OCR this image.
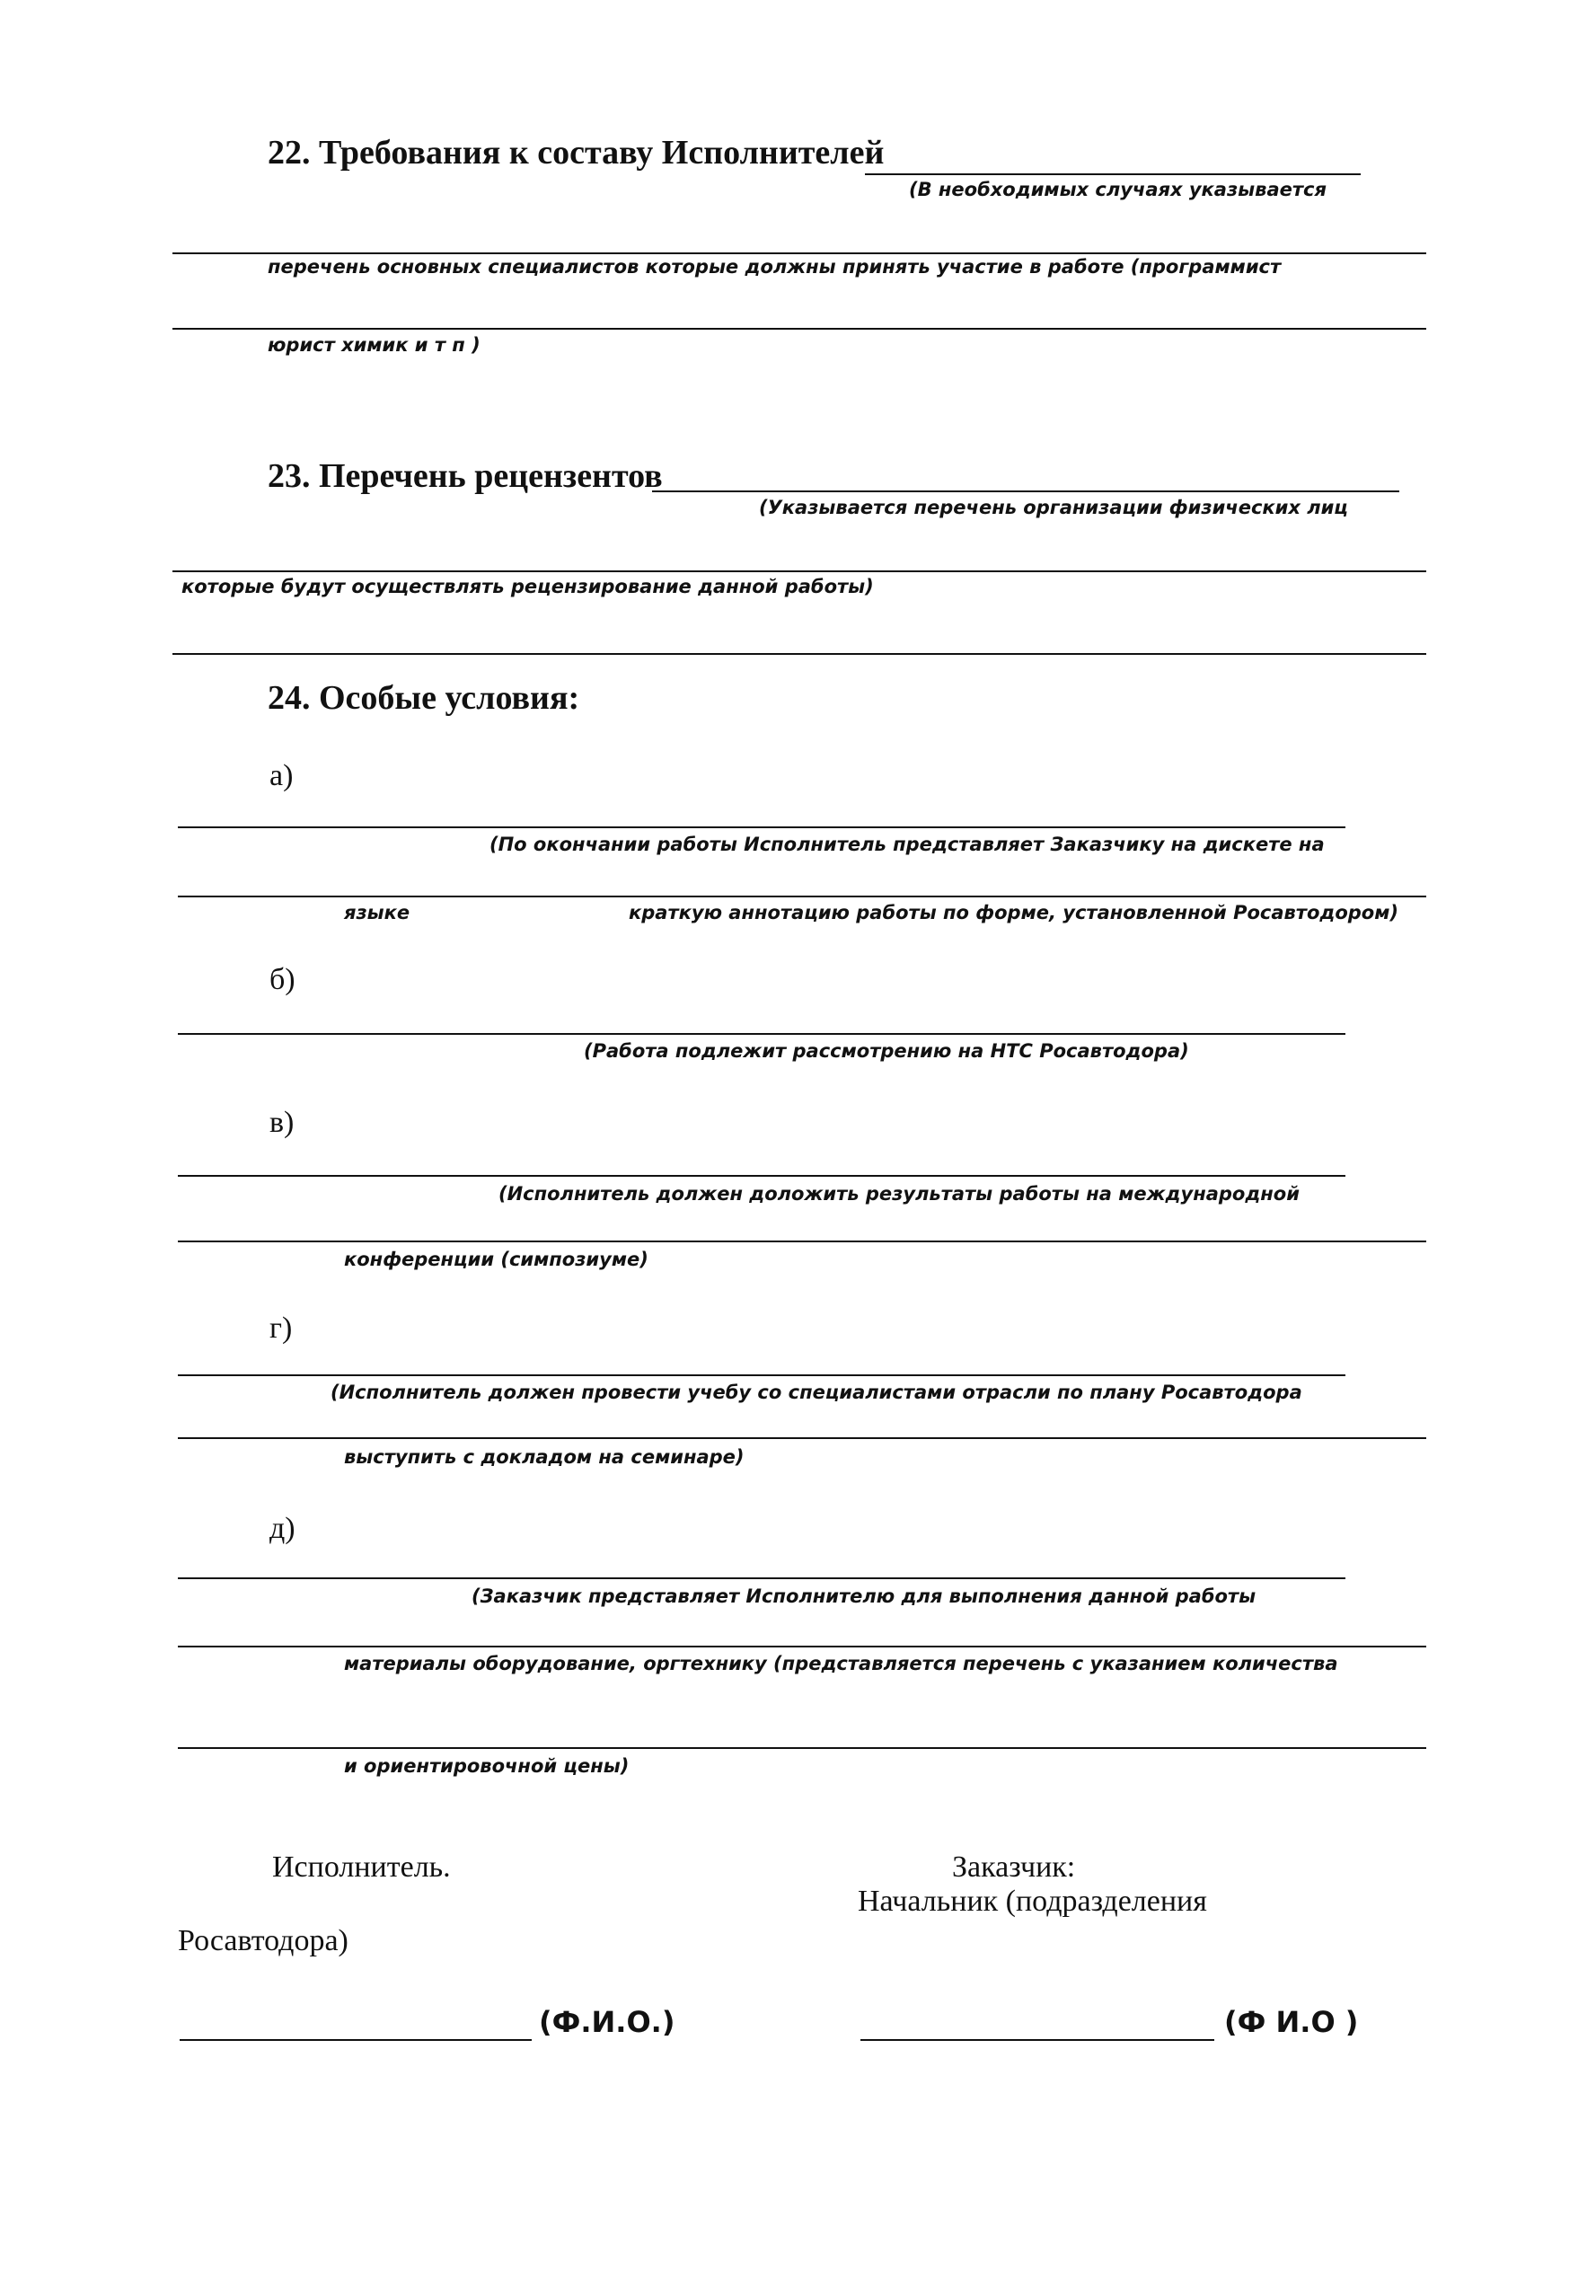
22. Требования к составу Исполнителей
(В необходимых случаях указывается
перечень основных специалистов которые должны принять участие в работе (программист
юрист химик и т п )
23. Перечень рецензентов
(Указывается перечень организации физических лиц
которые будут осуществлять рецензирование данной работы)
24. Особые условия:
а)
(По окончании работы Исполнитель представляет Заказчику на дискете на
языке	краткую аннотацию работы по форме, установленной Росавтодором)
б)
(Работа подлежит рассмотрению на НТС Росавтодора)
в)
(Исполнитель должен доложить результаты работы на международной
конференции (симпозиуме)
г)
(Исполнитель должен провести учебу со специалистами отрасли по плану Росавтодора
выступить с докладом на семинаре)
д)
(Заказчик представляет Исполнителю для выполнения данной работы
материалы оборудование, оргтехнику (представляется перечень с указанием количества
и ориентировочной цены)
Исполнитель.	Заказчик:
Начальник (подразделения
Росавтодора)
(Ф.И.О.)	(Ф И.О )
